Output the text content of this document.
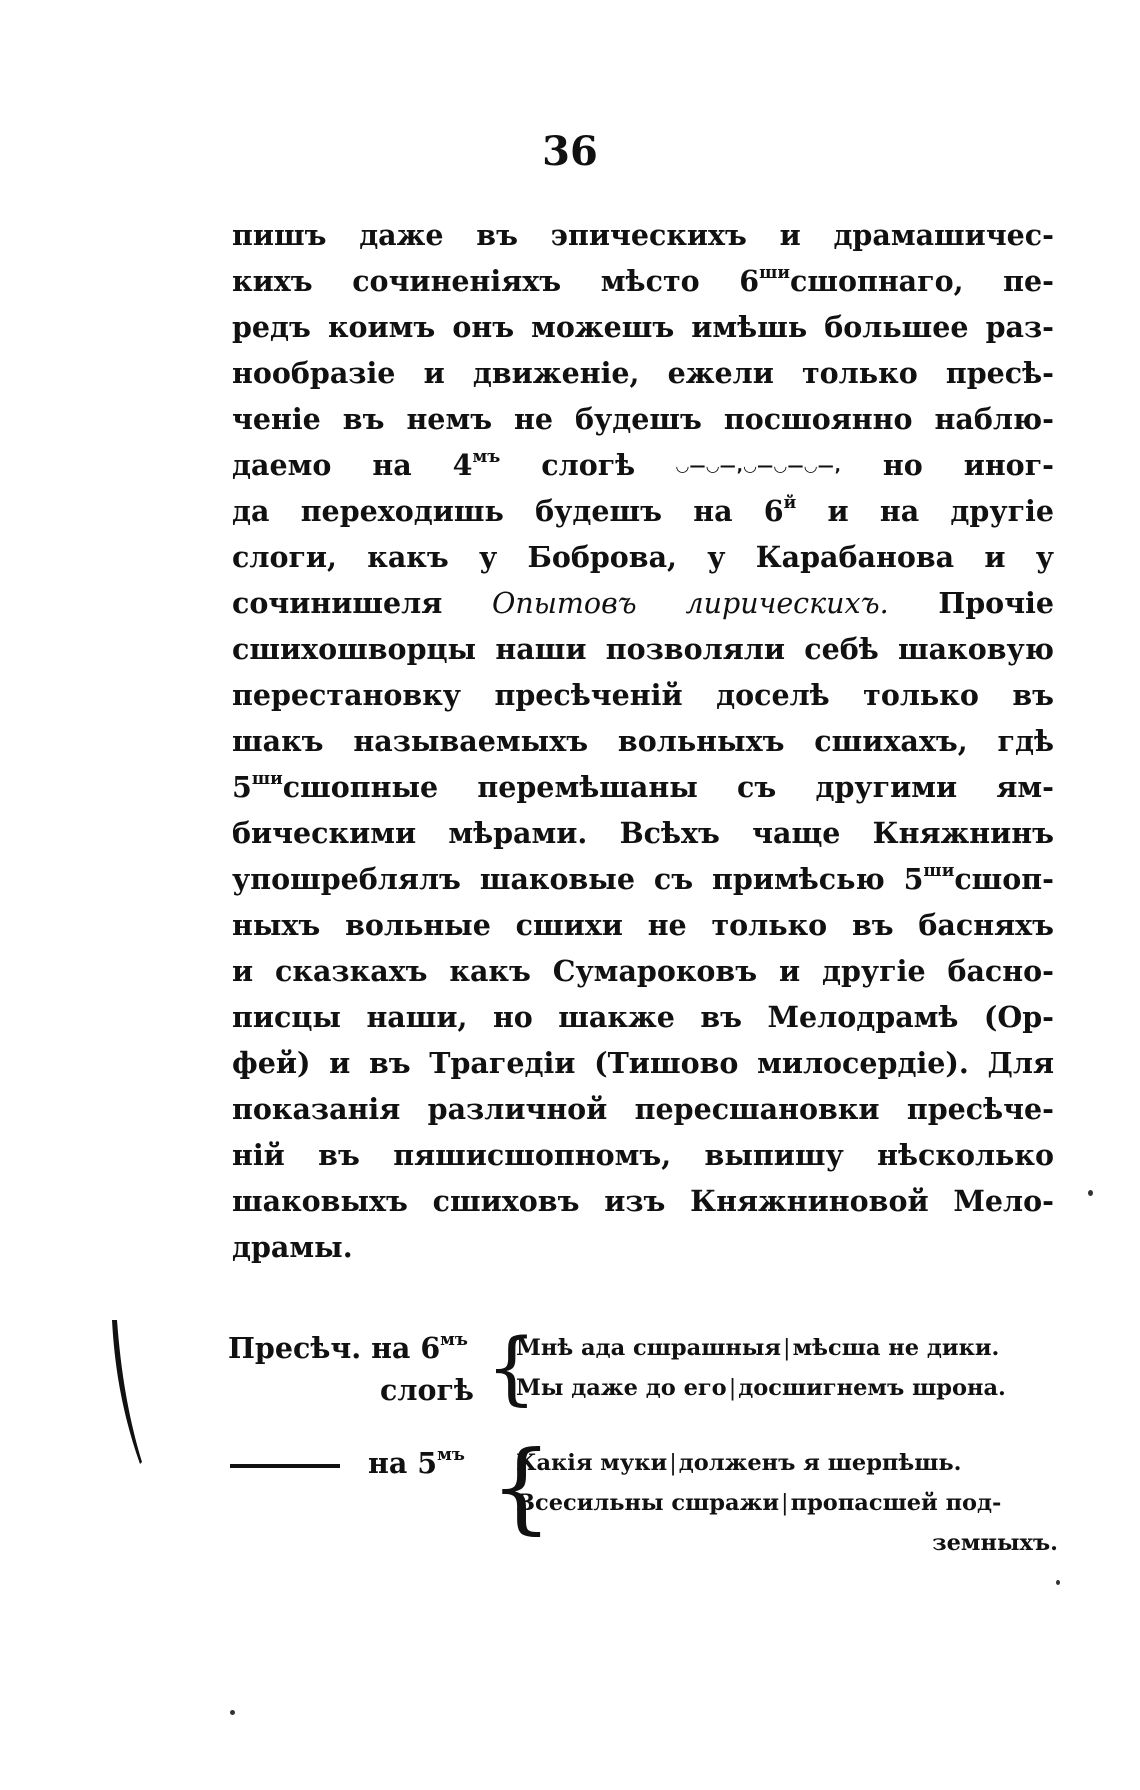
36
пишъ даже въ эпическихъ и драмашичес-
кихъ сочиненіяхъ мѣсто $6^{ши}сшопнаго$, пе-
редъ коимъ онъ можешъ имѣшь большее раз-
нообразіе и движеніе, ежели только пресѣ-
ченіе въ немъ не будешъ посшоянно наблю-
даемо на $4^{мъ}$ слогѣ ◡—◡—,◡—◡—◡—, но иног-
да переходишь будешъ на $6^й$ и на другіе
слоги, какъ у Боброва, у Карабанова и у
сочинишеля Опытовъ лирическихъ. Прочіе
сшихошворцы наши позволяли себѣ шаковую
перестановку пресѣченій доселѣ только въ
шакъ называемыхъ вольныхъ сшихахъ, гдѣ
$5^{ши}сшопные$ перемѣшаны съ другими ям-
бическими мѣрами. Всѣхъ чаще Княжнинъ
упошреблялъ шаковые съ примѣсью $5^{ши}сшоп-$
ныхъ вольные сшихи не только въ басняхъ
и сказкахъ какъ Сумароковъ и другіе басно-
писцы наши, но шакже въ Мелодрамѣ (Ор-
фей) и въ Трагедіи (Тишово милосердіе). Для
показанія различной пересшановки пресѣче-
ній въ пяшисшопномъ, выпишу нѣсколько
шаковыхъ сшиховъ изъ Княжниновой Мело-
драмы.
Пресѣч. на $6^{мъ}$
слогѣ {
Мнѣ ада сшрашныя|мѣсша не дики.
Мы даже до его|досшигнемъ шрона.
на $5^{мъ}$ {
Какія муки|долженъ я шерпѣшь.
Всесильны сшражи|пропасшей под-
земныхъ.
